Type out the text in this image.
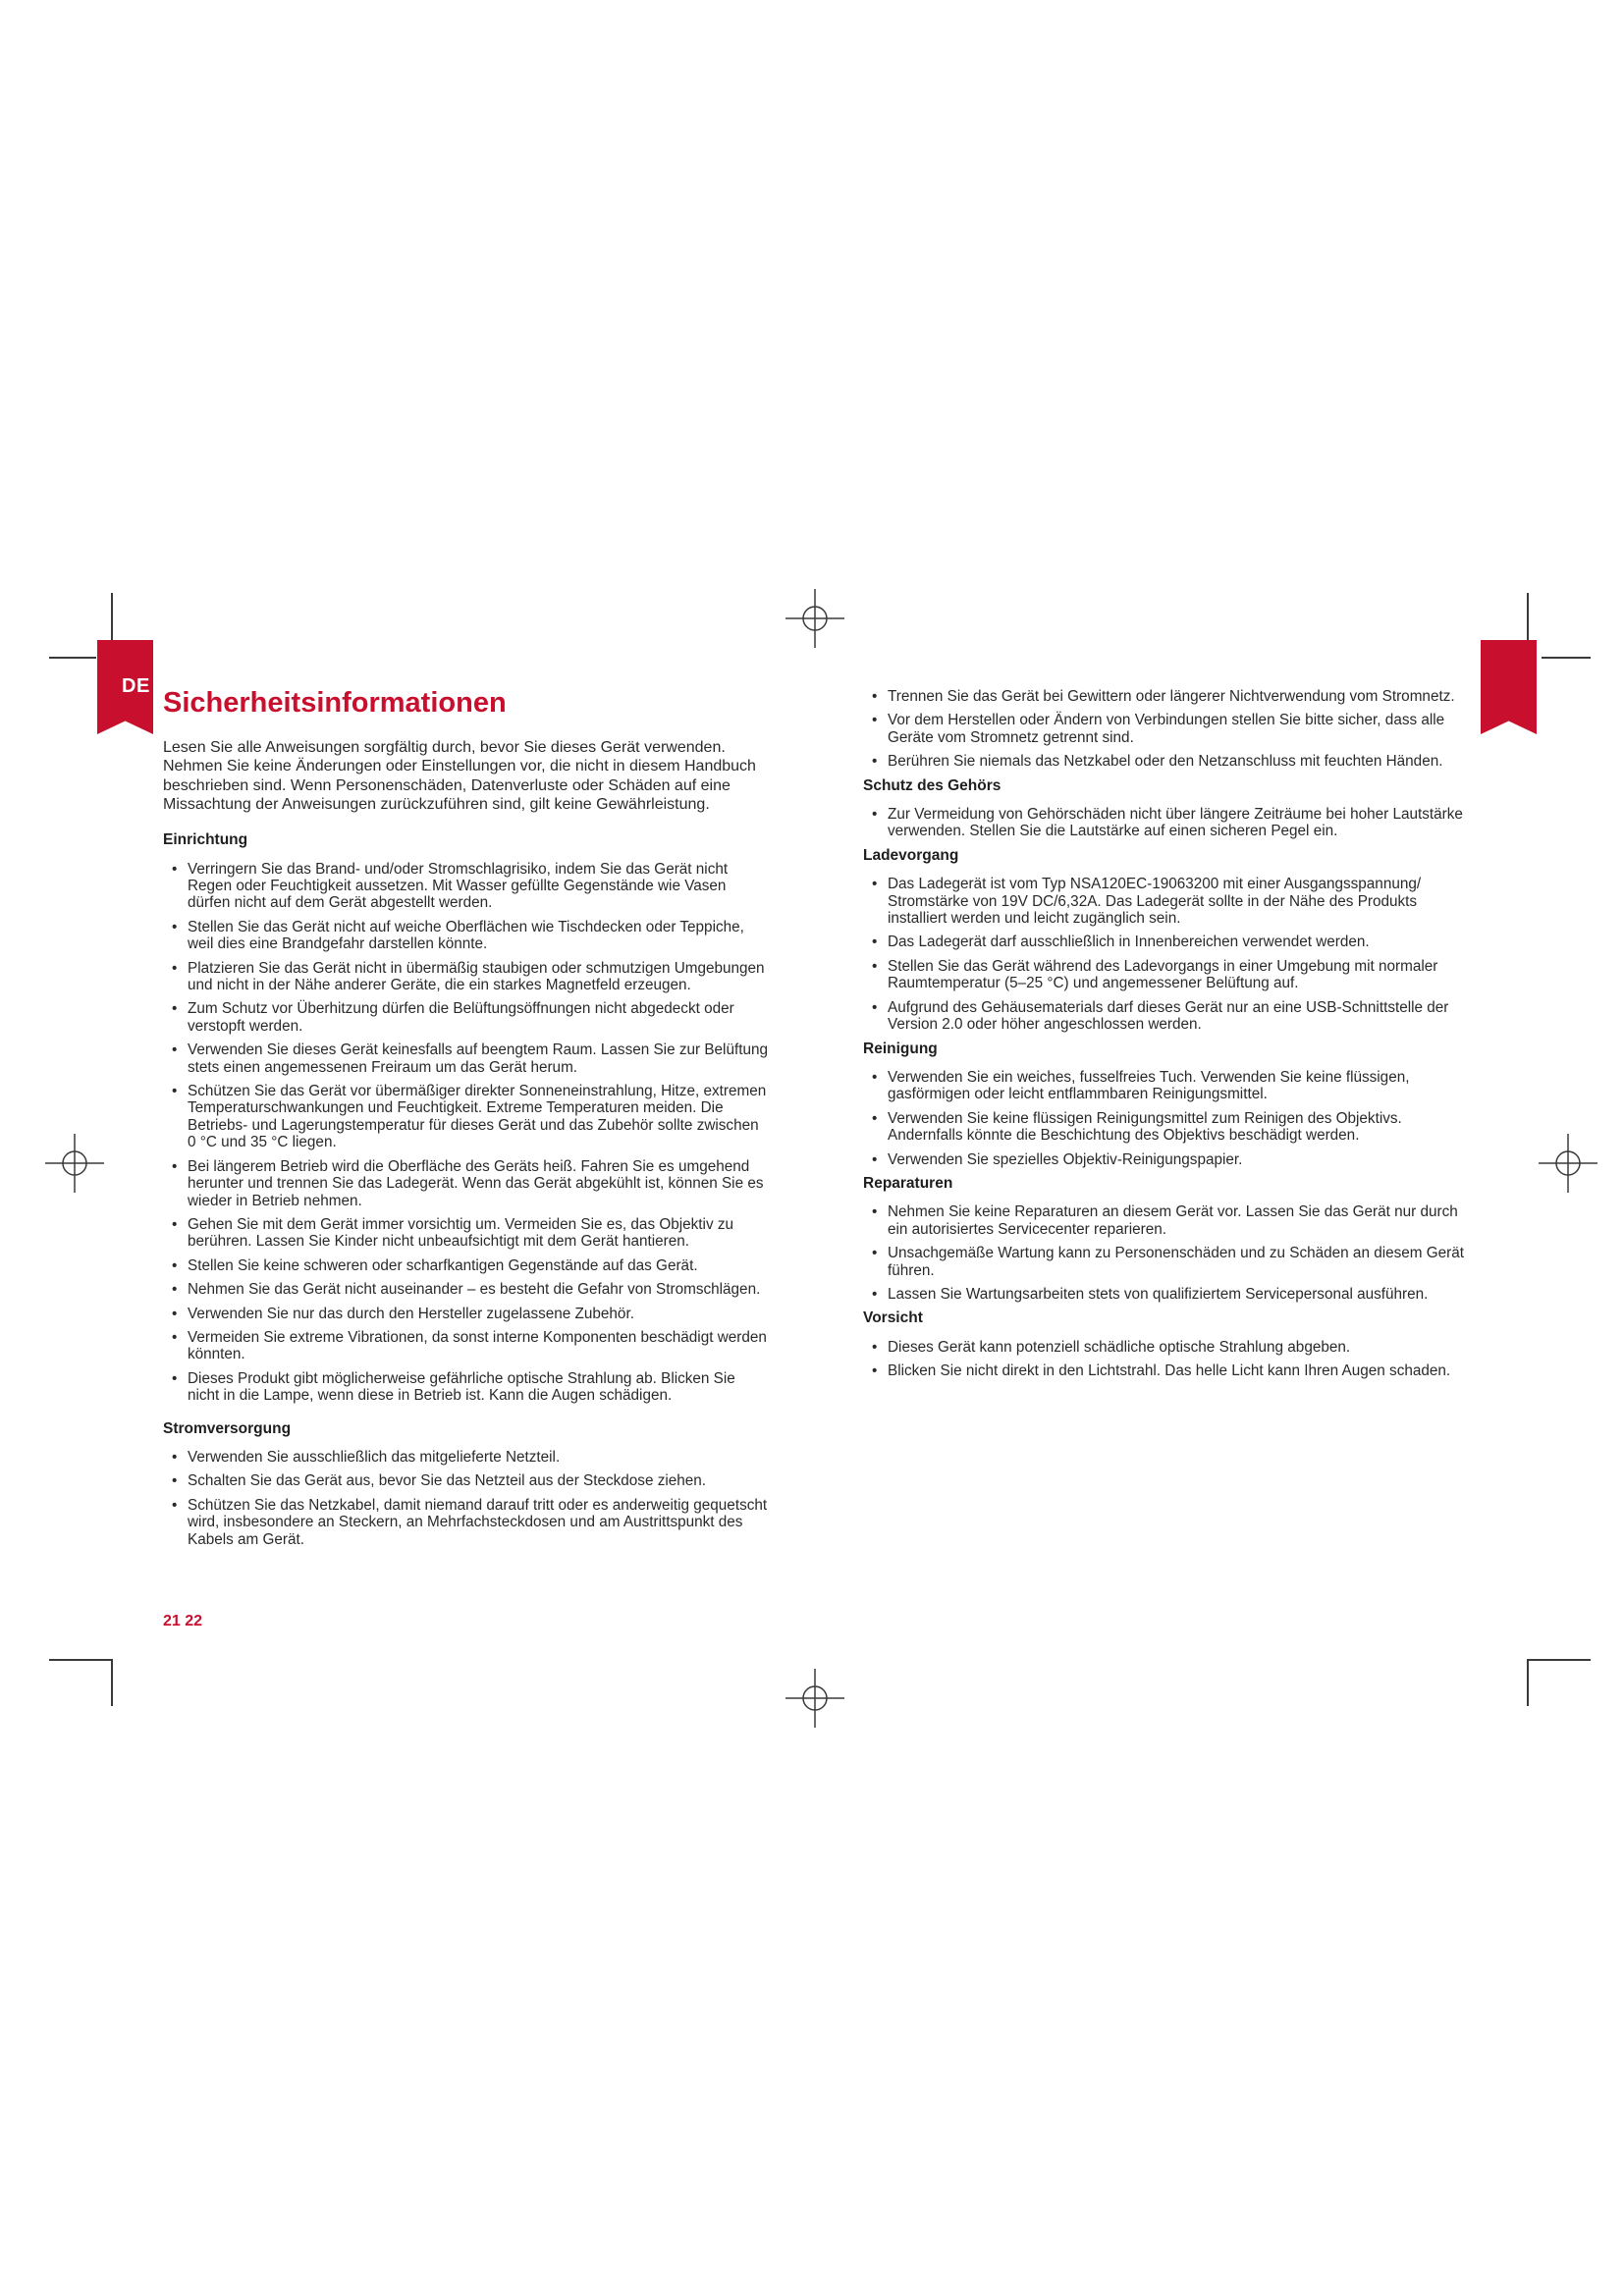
DE
Sicherheitsinformationen

Lesen Sie alle Anweisungen sorgfältig durch, bevor Sie dieses Gerät verwenden. Nehmen Sie keine Änderungen oder Einstellungen vor, die nicht in diesem Handbuch beschrieben sind. Wenn Personenschäden, Datenverluste oder Schäden auf eine Missachtung der Anweisungen zurückzuführen sind, gilt keine Gewährleistung.

Einrichtung
• Verringern Sie das Brand- und/oder Stromschlagrisiko, indem Sie das Gerät nicht Regen oder Feuchtigkeit aussetzen. Mit Wasser gefüllte Gegenstände wie Vasen dürfen nicht auf dem Gerät abgestellt werden.
• Stellen Sie das Gerät nicht auf weiche Oberflächen wie Tischdecken oder Teppiche, weil dies eine Brandgefahr darstellen könnte.
• Platzieren Sie das Gerät nicht in übermäßig staubigen oder schmutzigen Umgebungen und nicht in der Nähe anderer Geräte, die ein starkes Magnetfeld erzeugen.
• Zum Schutz vor Überhitzung dürfen die Belüftungsöffnungen nicht abgedeckt oder verstopft werden.
• Verwenden Sie dieses Gerät keinesfalls auf beengtem Raum. Lassen Sie zur Belüftung stets einen angemessenen Freiraum um das Gerät herum.
• Schützen Sie das Gerät vor übermäßiger direkter Sonneneinstrahlung, Hitze, extremen Temperaturschwankungen und Feuchtigkeit. Extreme Temperaturen meiden. Die Betriebs- und Lagerungstemperatur für dieses Gerät und das Zubehör sollte zwischen 0 °C und 35 °C liegen.
• Bei längerem Betrieb wird die Oberfläche des Geräts heiß. Fahren Sie es umgehend herunter und trennen Sie das Ladegerät. Wenn das Gerät abgekühlt ist, können Sie es wieder in Betrieb nehmen.
• Gehen Sie mit dem Gerät immer vorsichtig um. Vermeiden Sie es, das Objektiv zu berühren. Lassen Sie Kinder nicht unbeaufsichtigt mit dem Gerät hantieren.
• Stellen Sie keine schweren oder scharfkantigen Gegenstände auf das Gerät.
• Nehmen Sie das Gerät nicht auseinander – es besteht die Gefahr von Stromschlägen.
• Verwenden Sie nur das durch den Hersteller zugelassene Zubehör.
• Vermeiden Sie extreme Vibrationen, da sonst interne Komponenten beschädigt werden könnten.
• Dieses Produkt gibt möglicherweise gefährliche optische Strahlung ab. Blicken Sie nicht in die Lampe, wenn diese in Betrieb ist. Kann die Augen schädigen.
Stromversorgung
• Verwenden Sie ausschließlich das mitgelieferte Netzteil.
• Schalten Sie das Gerät aus, bevor Sie das Netzteil aus der Steckdose ziehen.
• Schützen Sie das Netzkabel, damit niemand darauf tritt oder es anderweitig gequetscht wird, insbesondere an Steckern, an Mehrfachsteckdosen und am Austrittspunkt des Kabels am Gerät.
• Trennen Sie das Gerät bei Gewittern oder längerer Nichtverwendung vom Stromnetz.
• Vor dem Herstellen oder Ändern von Verbindungen stellen Sie bitte sicher, dass alle Geräte vom Stromnetz getrennt sind.
• Berühren Sie niemals das Netzkabel oder den Netzanschluss mit feuchten Händen.
Schutz des Gehörs
• Zur Vermeidung von Gehörschäden nicht über längere Zeiträume bei hoher Lautstärke verwenden. Stellen Sie die Lautstärke auf einen sicheren Pegel ein.
Ladevorgang
• Das Ladegerät ist vom Typ NSA120EC-19063200 mit einer Ausgangsspannung/ Stromstärke von 19V DC/6,32A. Das Ladegerät sollte in der Nähe des Produkts installiert werden und leicht zugänglich sein.
• Das Ladegerät darf ausschließlich in Innenbereichen verwendet werden.
• Stellen Sie das Gerät während des Ladevorgangs in einer Umgebung mit normaler Raumtemperatur (5–25 °C) und angemessener Belüftung auf.
• Aufgrund des Gehäusematerials darf dieses Gerät nur an eine USB-Schnittstelle der Version 2.0 oder höher angeschlossen werden.
Reinigung
• Verwenden Sie ein weiches, fusselfreies Tuch. Verwenden Sie keine flüssigen, gasförmigen oder leicht entflammbaren Reinigungsmittel.
• Verwenden Sie keine flüssigen Reinigungsmittel zum Reinigen des Objektivs. Andernfalls könnte die Beschichtung des Objektivs beschädigt werden.
• Verwenden Sie spezielles Objektiv-Reinigungspapier.
Reparaturen
• Nehmen Sie keine Reparaturen an diesem Gerät vor. Lassen Sie das Gerät nur durch ein autorisiertes Servicecenter reparieren.
• Unsachgemäße Wartung kann zu Personenschäden und zu Schäden an diesem Gerät führen.
• Lassen Sie Wartungsarbeiten stets von qualifiziertem Servicepersonal ausführen.
Vorsicht
• Dieses Gerät kann potenziell schädliche optische Strahlung abgeben.
• Blicken Sie nicht direkt in den Lichtstrahl. Das helle Licht kann Ihren Augen schaden.
21 22
